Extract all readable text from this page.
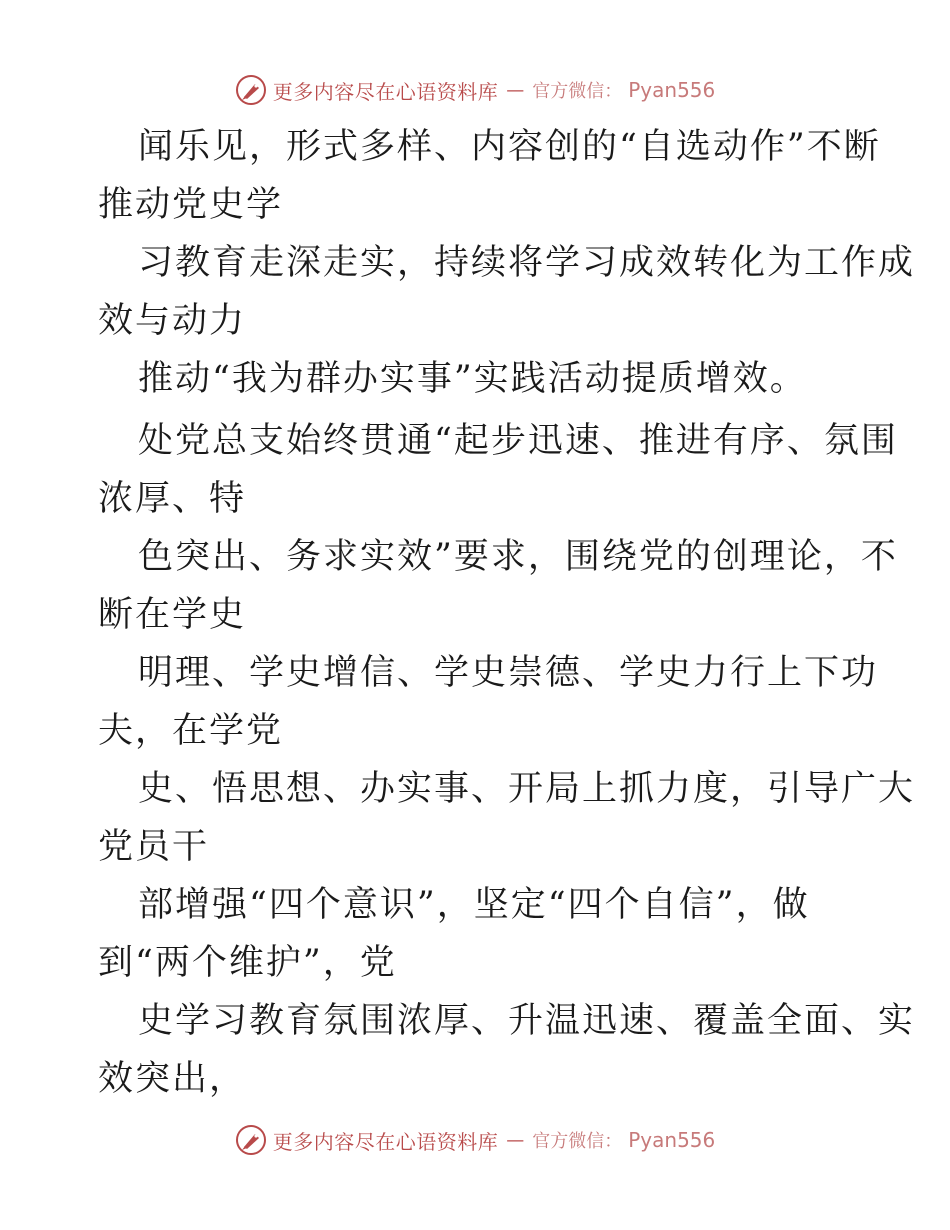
更多内容尽在心语资料库 — 官方微信： Pyan556
闻乐见，形式多样、内容创的“自选动作”不断
推动党史学
习教育走深走实，持续将学习成效转化为工作成
效与动力
推动“我为群办实事”实践活动提质增效。
处党总支始终贯通“起步迅速、推进有序、氛围
浓厚、特
色突出、务求实效”要求，围绕党的创理论，不
断在学史
明理、学史增信、学史崇德、学史力行上下功
夫，在学党
史、悟思想、办实事、开局上抓力度，引导广大
党员干
部增强“四个意识”，坚定“四个自信”，做
到“两个维护”，党
史学习教育氛围浓厚、升温迅速、覆盖全面、实
效突出，
更多内容尽在心语资料库 — 官方微信： Pyan556
